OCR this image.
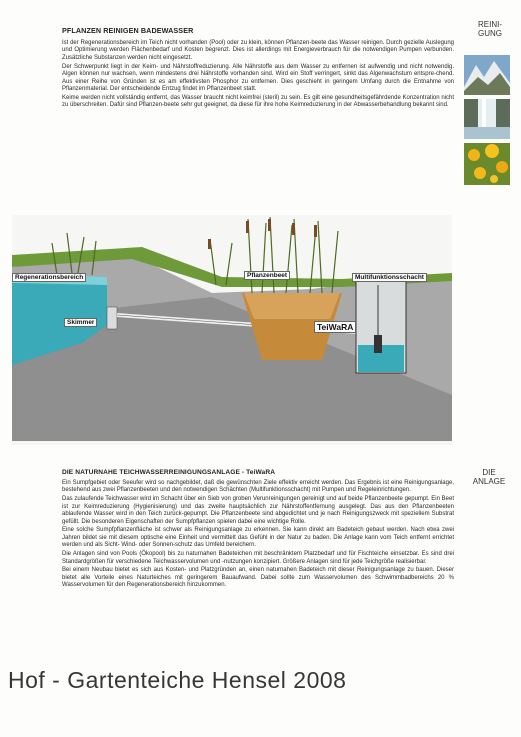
PFLANZEN REINIGEN BADEWASSER
REINI-
GUNG

Ist der Regenerationsbereich im Teich nicht vorhanden (Pool) oder zu klein, können Pflanzen-beete das Wasser reinigen. Durch gezielle Auslegung und Optimierung werden Flächenbedarf und Kosten begrenzt. Dies ist allerdings mit Energieverbrauch für die notwendigen Pumpen verbunden. Zusätzliche Substanzen werden nicht eingesetzt.

Der Schwerpunkt liegt in der Keim- und Nährstoffreduzierung. Alle Nährstoffe aus dem Wasser zu entfernen ist aufwendig und nicht notwendig. Algen können nur wachsen, wenn mindestens drei Nährstoffe vorhanden sind. Wird ein Stoff verringert, sinkt das Algenwachstum entspre-chend. Aus einer Reihe von Gründen ist es am effektivsten Phosphor zu entfernen. Dies geschieht in geringem Umfang durch die Entnahme von Pflanzenmaterial. Der entscheidende Entzug findet im Pflanzenbeet statt.

Keime werden nicht vollständig entfernt, das Wasser braucht nicht keimfrei (steril) zu sein. Es gilt eine gesundheitsgefährdende Konzentration nicht zu überschreiten. Dafür sind Pflanzen-beete sehr gut geeignet, da diese für ihre hohe Keimreduzierung in der Abwasserbehandlung bekannt sind.

Regenerationsbereich
Skimmer
Pflanzenbeet	Multifunktionsschacht
TeiWaRA
DIE NATURNAHE TEICHWASSERREINIGUNGSANLAGE - TeiWaRA	DIE
ANLAGE

Ein Sumpfgebiet oder Seeufer wird so nachgebildet, daß die gewünschten Ziele effektiv erreicht werden. Das Ergebnis ist eine Reinigungsanlage, bestehend aus zwei Pflanzenbeeten und den notwendigen Schächten (Multifunktionsschacht) mit Pumpen und Regeleinrichtungen.

Das zulaufende Teichwasser wird im Schacht über ein Sieb von groben Verunreinigungen gereinigt und auf beide Pflanzenbeete gepumpt. Ein Beet ist zur Keimreduzierung (Hygienisierung) und das zweite hauptsächlich zur Nährstoffentfernung ausgelegt. Das aus den Pflanzenbeeten ablaufende Wasser wird in den Teich zurück-gepumpt. Die Pflanzenbeete sind abgedichtet und je nach Reinigungszweck mit speziellem Substrat gefüllt. Die besonderen Eigenschaften der Sumpfpflanzen spielen dabei eine wichtige Rolle.

Eine solche Sumpfpflanzenfläche ist schwer als Reinigungsanlage zu erkennen. Sie kann direkt am Badeteich gebaut werden. Nach etwa zwei Jahren bildet sie mit diesem optische eine Einheit und vermittelt das Gefühl in der Natur zu baden. Die Anlage kann vom Teich entfernt errichtet werden und als Sicht- Wind- oder Sonnen-schutz das Umfeld bereichern.

Die Anlagen sind von Pools (Ökopool) bis zu naturnahen Badeteichen mit beschränktem Platzbedarf und für Fischteiche einsetzbar. Es sind drei Standardgrößen für verschiedene Teichwasservolumen und -nutzungen konzipiert. Größere Anlagen sind für jede Teichgröße realisierbar.

Bei einem Neubau bietet es sich aus Kosten- und Platzgründen an, einen naturnahen Badeteich mit dieser Reinigungsanlage zu bauen. Dieser bietet alle Vorteile eines Naturteiches mit geringerem Bauaufwand. Dabei sollte zum Wasservolumen des Schwimmbadbereichs 20 % Wasservolumen für den Regenerationsbereich hinzukommen.

Hof - Gartenteiche Hensel 2008
